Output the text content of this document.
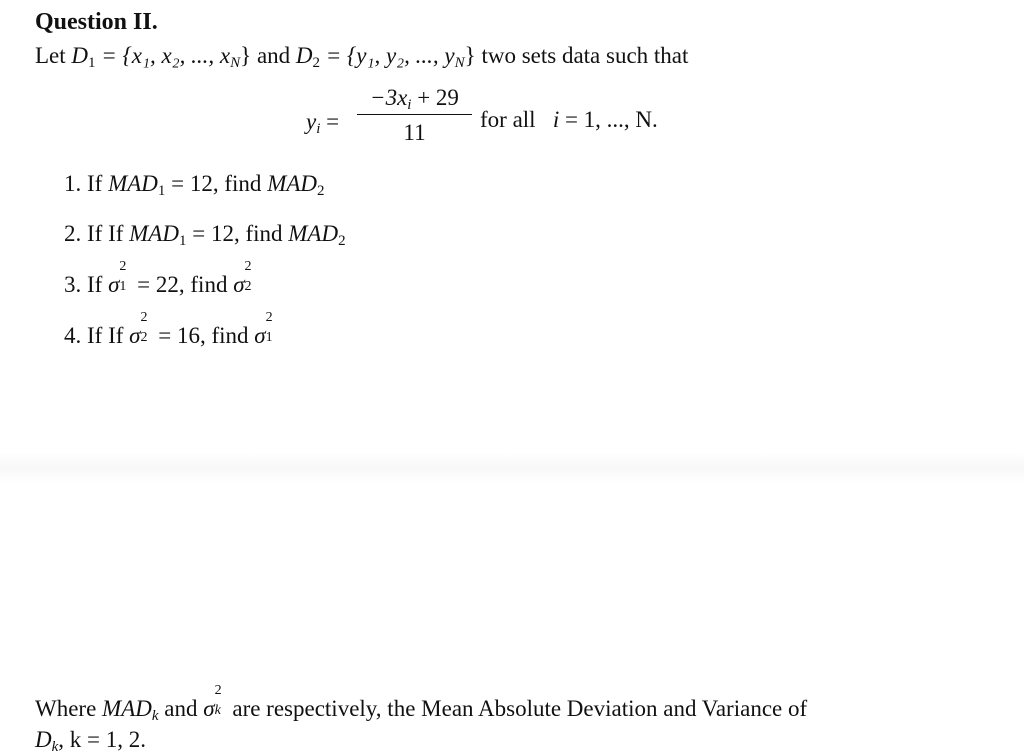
Question II.
Let $D_1 = \{x_1$, x₂, ..., $x_N$} and $D_2 = \{y_1$, y₂, ..., $y_N$} two sets data such that
$y_i$ =
$-3x_i + 29$
11
for all i = 1, ..., N.
1. If $MAD_1 = 12$, find $MAD_2$
2. If If $MAD_1 = 12$, find $MAD_2$
3. If σ
2
1 = 22, find σ
2
2
4. If If σ
2
2 = 16, find σ
2
1
Where $MAD_k$ and σ
2
k are respectively, the Mean Absolute Deviation and Variance of
$D_k$, k = 1, 2.
